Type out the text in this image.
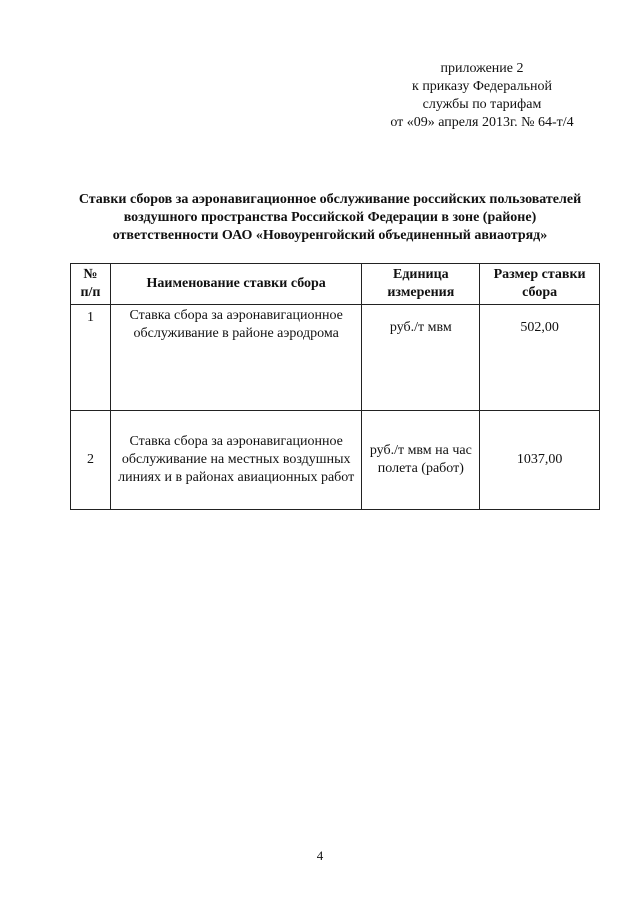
приложение 2
к приказу Федеральной
службы по тарифам
от «09» апреля 2013г. № 64-т/4
Ставки сборов за аэронавигационное обслуживание российских пользователей
воздушного пространства Российской Федерации в зоне (районе)
ответственности ОАО «Новоуренгойский объединенный авиаотряд»
№ п/п	Наименование ставки сбора	Единица измерения	Размер ставки сбора
1	Ставка сбора за аэронавигационное обслуживание в районе аэродрома	руб./т мвм	502,00
2	Ставка сбора за аэронавигационное обслуживание на местных воздушных линиях и в районах авиационных работ	руб./т мвм на час полета (работ)	1037,00
4
